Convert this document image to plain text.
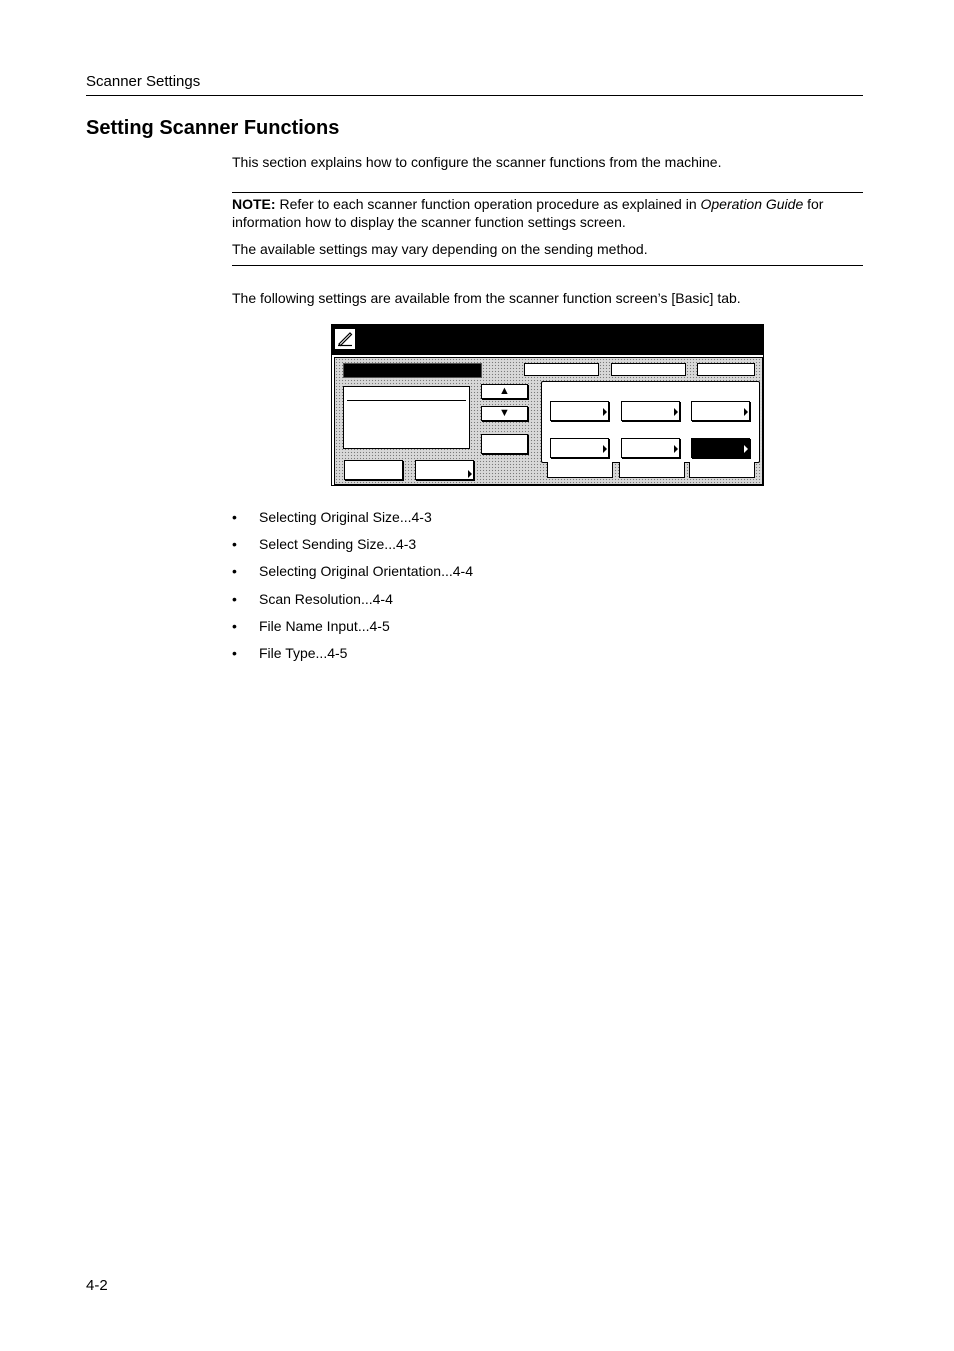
Scanner Settings
Setting Scanner Functions
This section explains how to configure the scanner functions from the machine.

NOTE: Refer to each scanner function operation procedure as explained in Operation Guide for information how to display the scanner function settings screen.

The available settings may vary depending on the sending method.

The following settings are available from the scanner function screen’s [Basic] tab.
▲
▼
• Selecting Original Size...4-3
• Select Sending Size...4-3
• Selecting Original Orientation...4-4
• Scan Resolution...4-4
• File Name Input...4-5
• File Type...4-5
4-2
